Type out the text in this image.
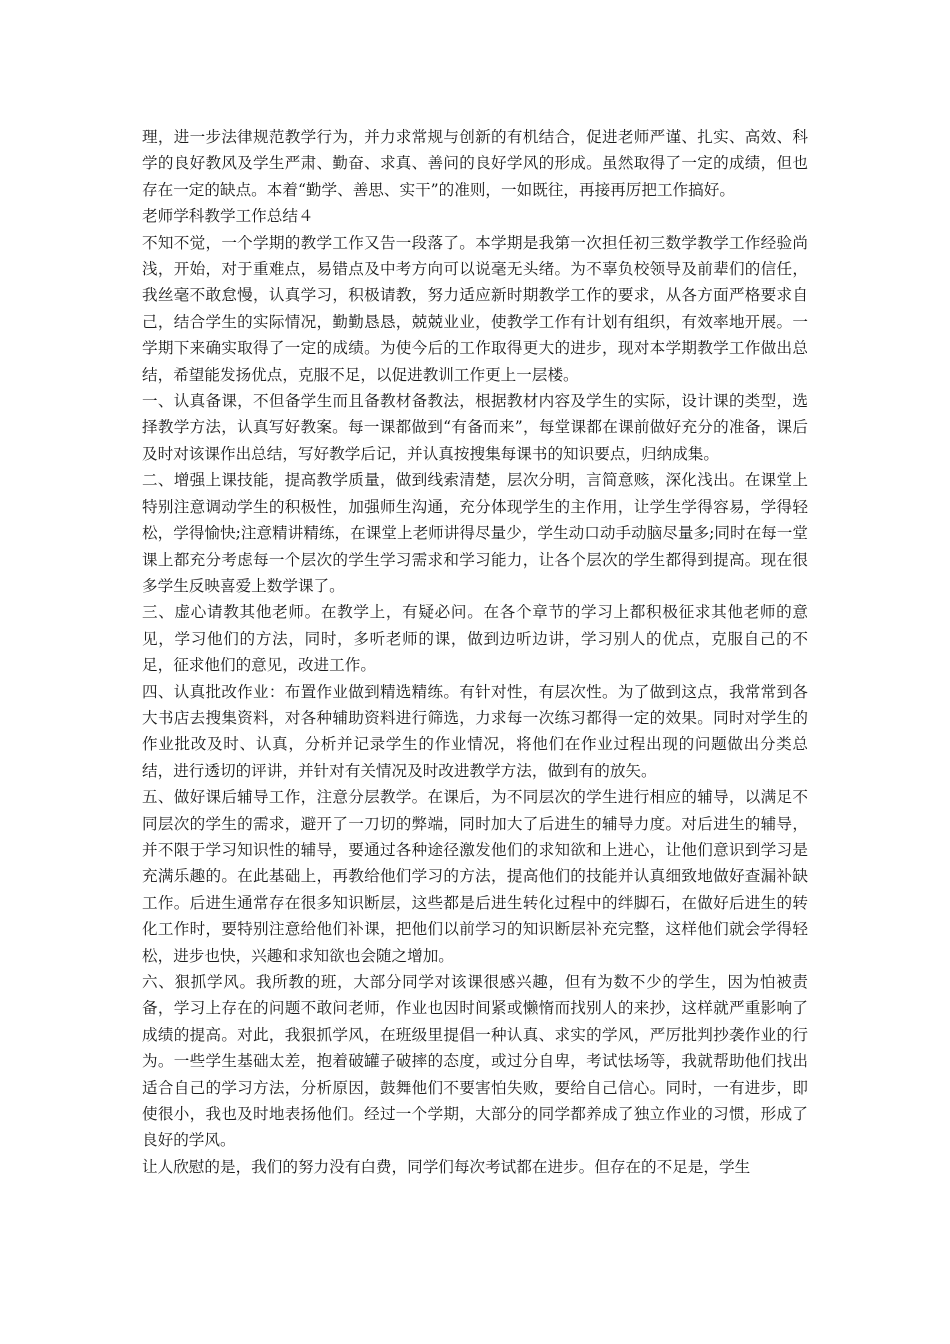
理，进一步法律规范教学行为，并力求常规与创新的有机结合，促进老师严谨、扎实、高效、科学的良好教风及学生严肃、勤奋、求真、善问的良好学风的形成。虽然取得了一定的成绩，但也存在一定的缺点。本着“勤学、善思、实干”的准则，一如既往，再接再厉把工作搞好。

老师学科教学工作总结４

不知不觉，一个学期的教学工作又告一段落了。本学期是我第一次担任初三数学教学工作经验尚浅，开始，对于重难点，易错点及中考方向可以说毫无头绪。为不辜负校领导及前辈们的信任，我丝毫不敢怠慢，认真学习，积极请教，努力适应新时期教学工作的要求，从各方面严格要求自己，结合学生的实际情况，勤勤恳恳，兢兢业业，使教学工作有计划有组织，有效率地开展。一学期下来确实取得了一定的成绩。为使今后的工作取得更大的进步，现对本学期教学工作做出总结，希望能发扬优点，克服不足，以促进教训工作更上一层楼。

一、认真备课，不但备学生而且备教材备教法，根据教材内容及学生的实际，设计课的类型，选择教学方法，认真写好教案。每一课都做到“有备而来”，每堂课都在课前做好充分的准备，课后及时对该课作出总结，写好教学后记，并认真按搜集每课书的知识要点，归纳成集。

二、增强上课技能，提高教学质量，做到线索清楚，层次分明，言简意赅，深化浅出。在课堂上特别注意调动学生的积极性，加强师生沟通，充分体现学生的主作用，让学生学得容易，学得轻松，学得愉快;注意精讲精练，在课堂上老师讲得尽量少，学生动口动手动脑尽量多;同时在每一堂课上都充分考虑每一个层次的学生学习需求和学习能力，让各个层次的学生都得到提高。现在很多学生反映喜爱上数学课了。

三、虚心请教其他老师。在教学上，有疑必问。在各个章节的学习上都积极征求其他老师的意见，学习他们的方法，同时，多听老师的课，做到边听边讲，学习别人的优点，克服自己的不足，征求他们的意见，改进工作。

四、认真批改作业：布置作业做到精选精练。有针对性，有层次性。为了做到这点，我常常到各大书店去搜集资料，对各种辅助资料进行筛选，力求每一次练习都得一定的效果。同时对学生的作业批改及时、认真，分析并记录学生的作业情况，将他们在作业过程出现的问题做出分类总结，进行透切的评讲，并针对有关情况及时改进教学方法，做到有的放矢。

五、做好课后辅导工作，注意分层教学。在课后，为不同层次的学生进行相应的辅导，以满足不同层次的学生的需求，避开了一刀切的弊端，同时加大了后进生的辅导力度。对后进生的辅导，并不限于学习知识性的辅导，要通过各种途径激发他们的求知欲和上进心，让他们意识到学习是充满乐趣的。在此基础上，再教给他们学习的方法，提高他们的技能并认真细致地做好查漏补缺工作。后进生通常存在很多知识断层，这些都是后进生转化过程中的绊脚石，在做好后进生的转化工作时，要特别注意给他们补课，把他们以前学习的知识断层补充完整，这样他们就会学得轻松，进步也快，兴趣和求知欲也会随之增加。

六、狠抓学风。我所教的班，大部分同学对该课很感兴趣，但有为数不少的学生，因为怕被责备，学习上存在的问题不敢问老师，作业也因时间紧或懒惰而找别人的来抄，这样就严重影响了成绩的提高。对此，我狠抓学风，在班级里提倡一种认真、求实的学风，严厉批判抄袭作业的行为。一些学生基础太差，抱着破罐子破摔的态度，或过分自卑，考试怯场等，我就帮助他们找出适合自己的学习方法，分析原因，鼓舞他们不要害怕失败，要给自己信心。同时，一有进步，即使很小，我也及时地表扬他们。经过一个学期，大部分的同学都养成了独立作业的习惯，形成了良好的学风。

让人欣慰的是，我们的努力没有白费，同学们每次考试都在进步。但存在的不足是，学生
